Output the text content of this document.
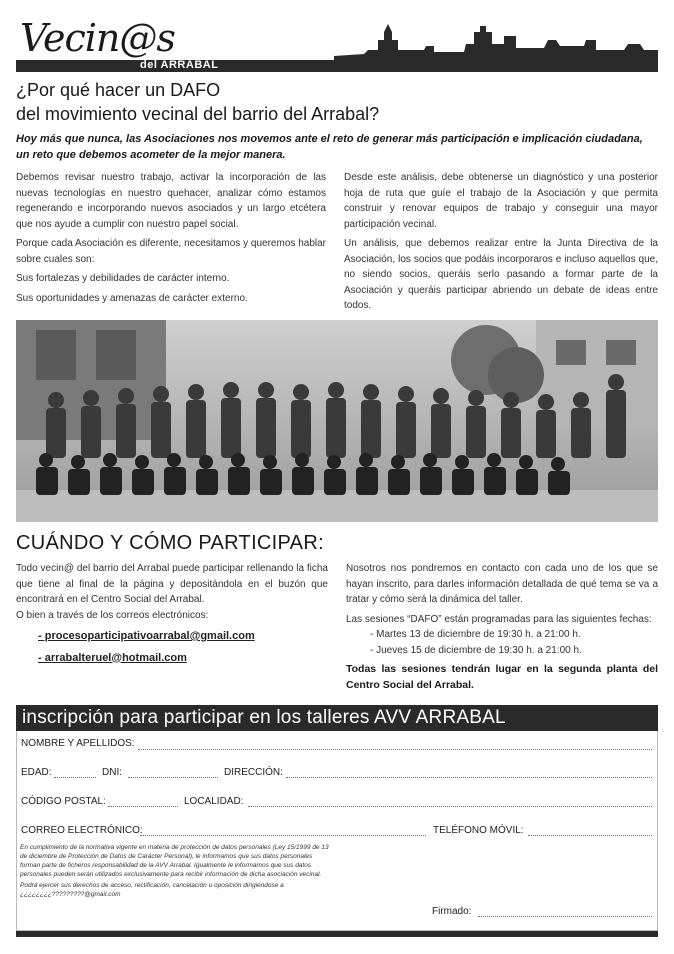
Vecin@s
del ARRABAL
¿Por qué hacer un DAFO
del movimiento vecinal del barrio del Arrabal?
Hoy más que nunca, las Asociaciones nos movemos ante el reto de generar más participación e implicación ciudadana, un reto que debemos acometer de la mejor manera.

Debemos revisar nuestro trabajo, activar la incorporación de las nuevas tecnologías en nuestro quehacer, analizar cómo estamos regenerando e incorporando nuevos asociados y un largo etcétera que nos ayude a cumplir con nuestro papel social.

Porque cada Asociación es diferente, necesitamos y queremos hablar sobre cuales son:

Sus fortalezas y debilidades de carácter interno.

Sus oportunidades y amenazas de carácter externo.

Desde este análisis, debe obtenerse un diagnóstico y una posterior hoja de ruta que guíe el trabajo de la Asociación y que permita construir y renovar equipos de trabajo y conseguir una mayor participación vecinal.

Un análisis, que debemos realizar entre la Junta Directiva de la Asociación, los socios que podáis incorporaros e incluso aquellos que, no siendo socios, queráis serlo pasando a formar parte de la Asociación y queráis participar abriendo un debate de ideas entre todos.

CUÁNDO Y CÓMO PARTICIPAR:

Todo vecin@ del barrio del Arrabal puede participar rellenando la ficha que tiene al final de la página y depositándola en el buzón que encontrará en el Centro Social del Arrabal.

O bien a través de los correos electrónicos:

- procesoparticipativoarrabal@gmail.com

- arrabalteruel@hotmail.com

Nosotros nos pondremos en contacto con cada uno de los que se hayan inscrito, para darles información detallada de qué tema se va a tratar y cómo será la dinámica del taller.

Las sesiones “DAFO” están programadas para las siguientes fechas:

- Martes 13 de diciembre de 19:30 h. a 21:00 h.

- Jueves 15 de diciembre de 19:30 h. a 21:00 h.

Todas las sesiones tendrán lugar en la segunda planta del Centro Social del Arrabal.

inscripción para participar en los talleres AVV ARRABAL
NOMBRE Y APELLIDOS:
EDAD:	DNI:	DIRECCIÓN:
CÓDIGO POSTAL:	LOCALIDAD:
CORREO ELECTRÓNICO:	TELÉFONO MÓVIL:

En cumplimiento de la normativa vigente en materia de protección de datos personales (Ley 15/1999 de 13 de diciembre de Protección de Datos de Carácter Personal), le informamos que sus datos personales forman parte de ficheros responsabilidad de la AVV Arrabal. Igualmente le informamos que sus datos personales pueden serán utilizados exclusivamente para recibir información de dicha asociación vecinal.

Podrá ejercer sus derechos de acceso, rectificación, cancelación u oposición dirigiéndose a ¿¿¿¿¿¿¿¿?????????@gmail.com

Firmado:
